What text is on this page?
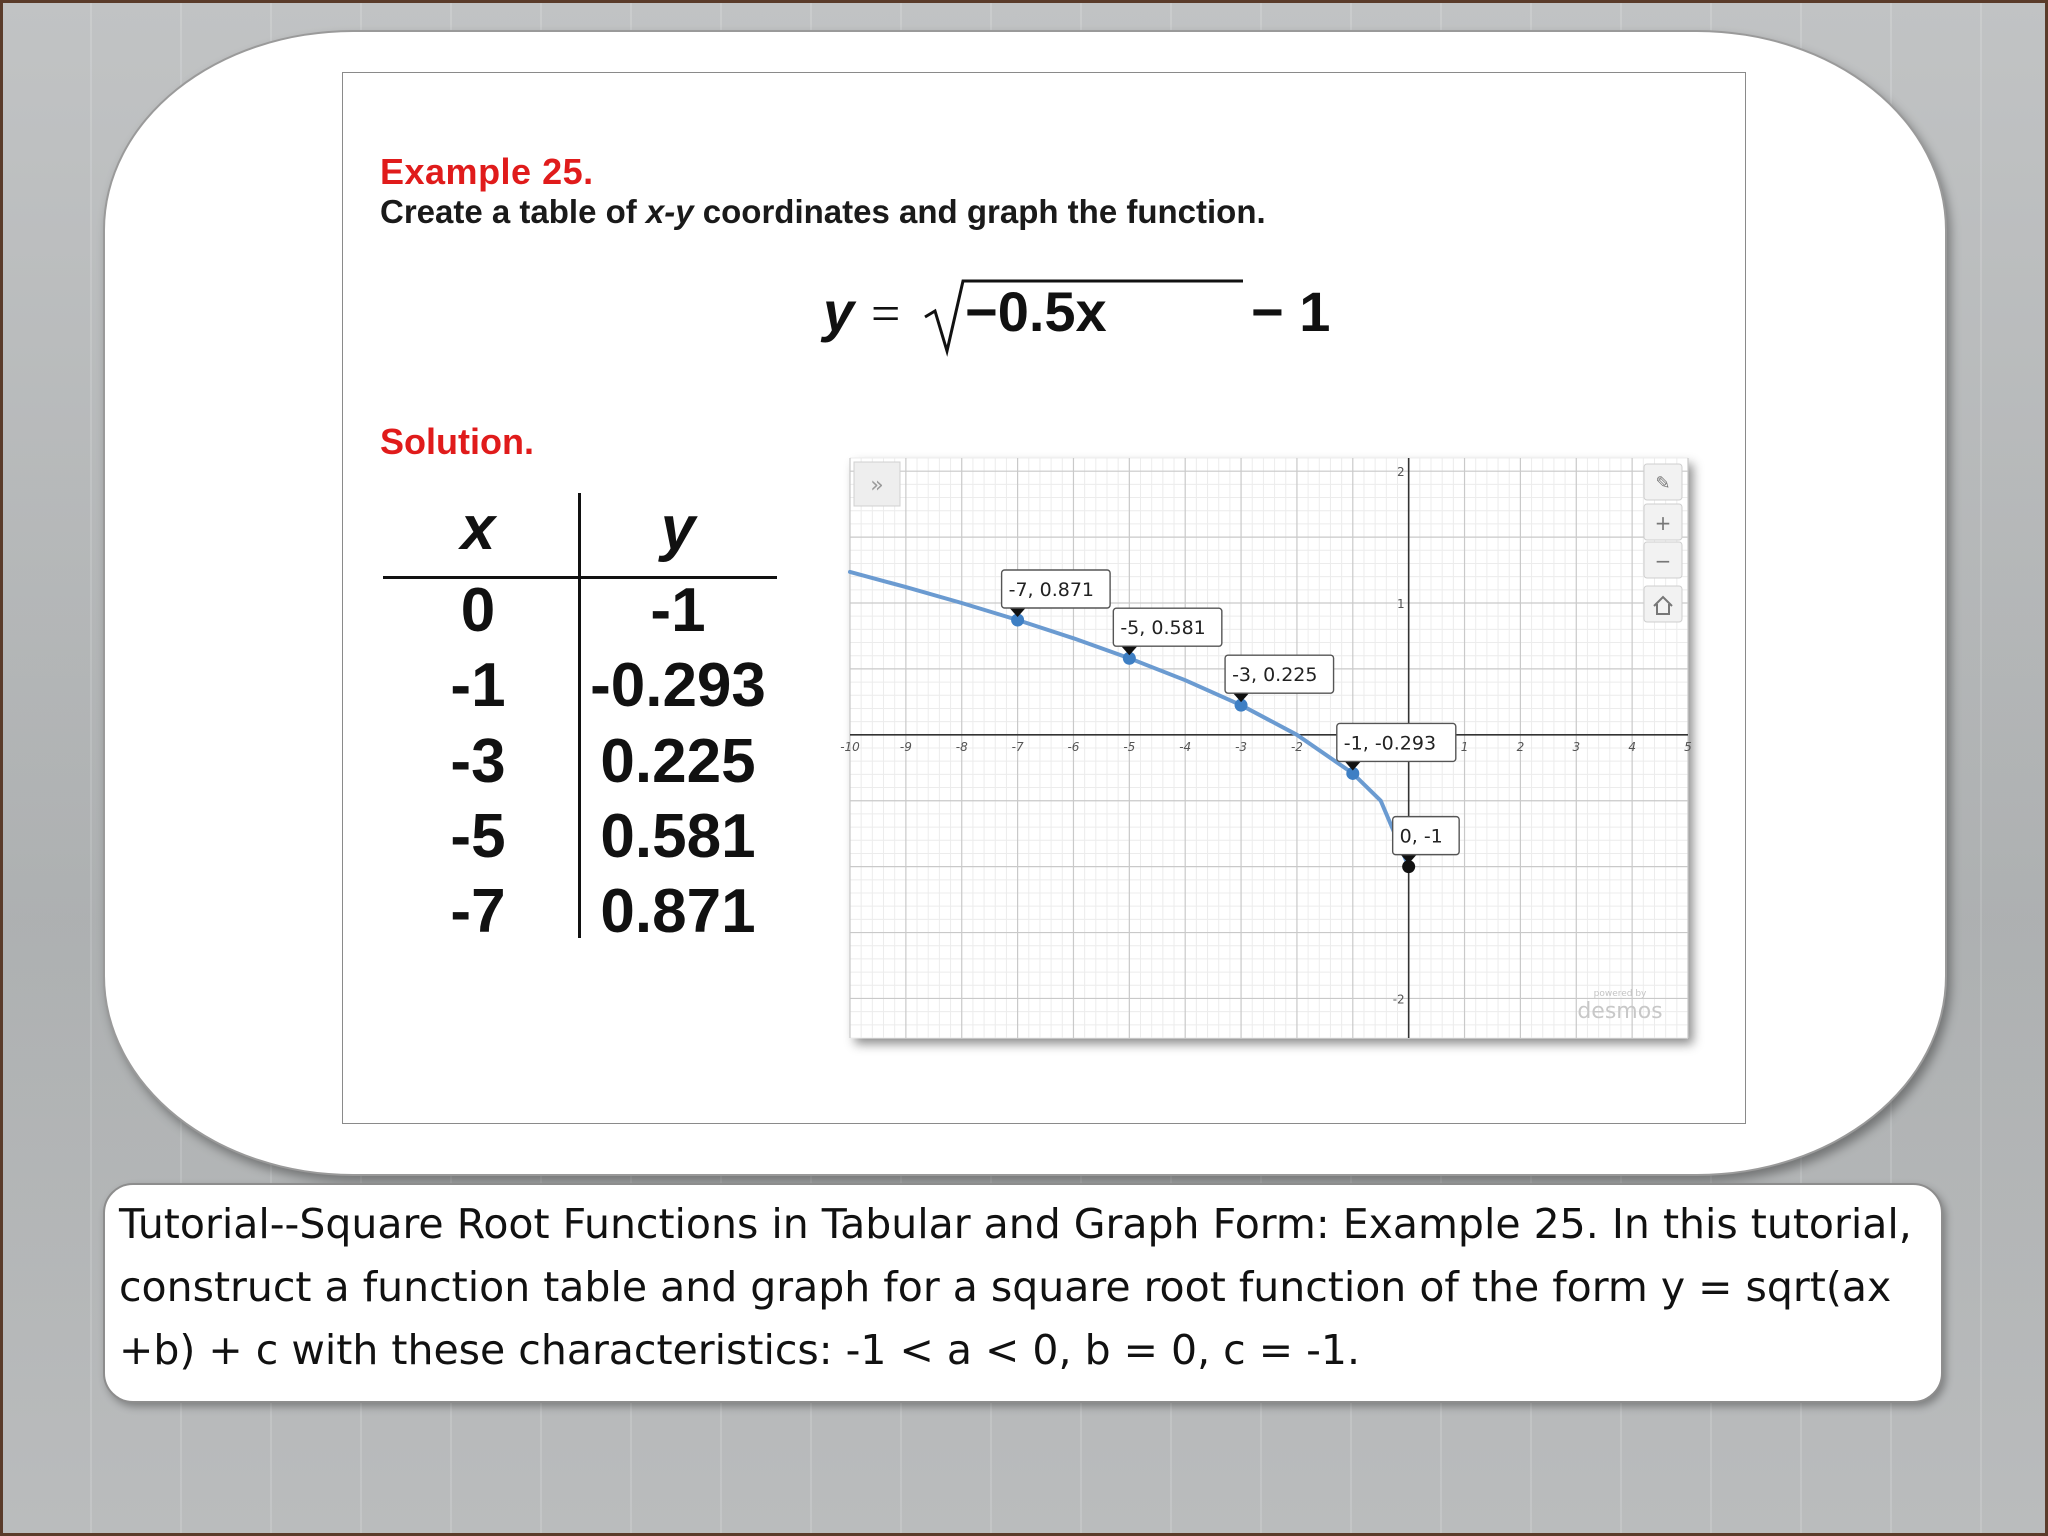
Example 25.
Create a table of x-y coordinates and graph the function.
y = −0.5x	− 1
Solution.
x	y
0	-1
-1	-0.293
-3	0.225
-5	0.581
-7	0.871
-10	-9	-8	-7	-6	-5	-4	-3	-2	1	2	3	4	5
2
1
-2
-7, 0.871
-5, 0.581
-3, 0.225
-1, -0.293
0, -1
»	✎
+
−
powered by
desmos

Tutorial--Square Root Functions in Tabular and Graph Form: Example 25. In this tutorial, construct a function table and graph for a square root function of the form y = sqrt(ax +b) + c with these characteristics: -1 < a < 0, b = 0, c = -1.
